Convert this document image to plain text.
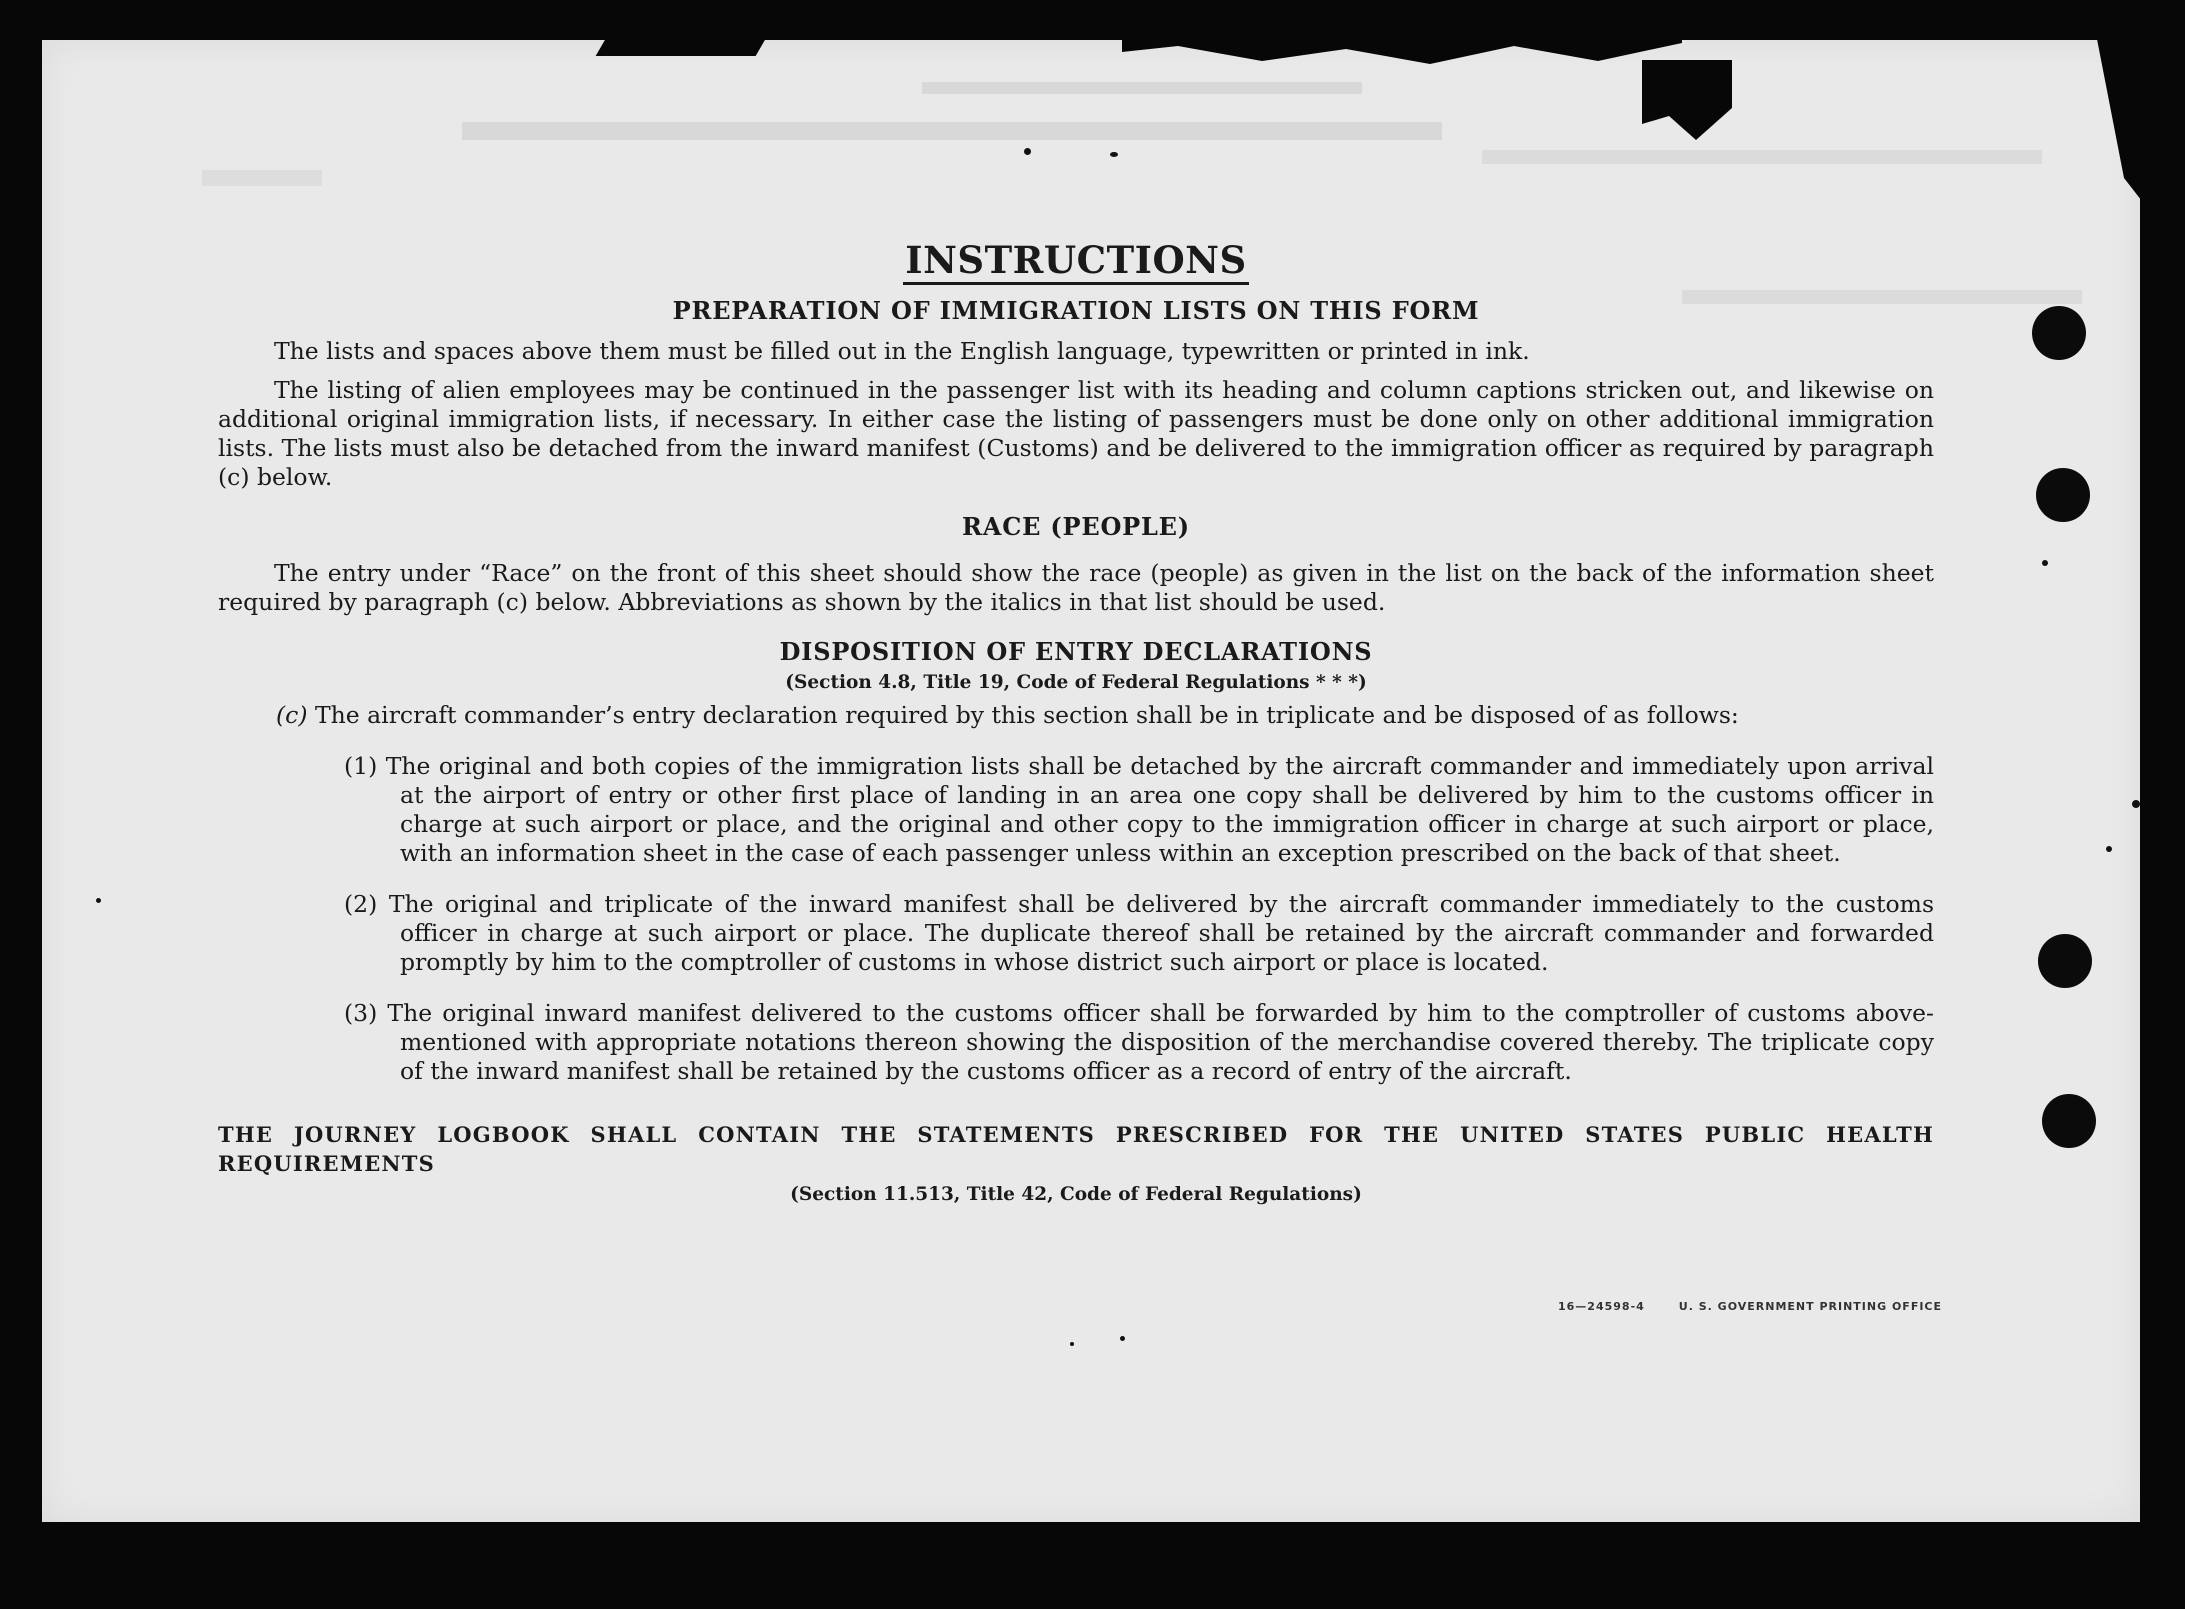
INSTRUCTIONS
PREPARATION OF IMMIGRATION LISTS ON THIS FORM

The lists and spaces above them must be filled out in the English language, typewritten or printed in ink.

The listing of alien employees may be continued in the passenger list with its heading and column captions stricken out, and likewise on additional original immigration lists, if necessary. In either case the listing of passengers must be done only on other additional immigration lists. The lists must also be detached from the inward manifest (Customs) and be delivered to the immigration officer as required by paragraph (c) below.

RACE (PEOPLE)

The entry under “Race” on the front of this sheet should show the race (people) as given in the list on the back of the information sheet required by paragraph (c) below. Abbreviations as shown by the italics in that list should be used.

DISPOSITION OF ENTRY DECLARATIONS
(Section 4.8, Title 19, Code of Federal Regulations * * *)

(c) The aircraft commander’s entry declaration required by this section shall be in triplicate and be disposed of as follows:

(1) The original and both copies of the immigration lists shall be detached by the aircraft commander and immediately upon arrival at the airport of entry or other first place of landing in an area one copy shall be delivered by him to the customs officer in charge at such airport or place, and the original and other copy to the immigration officer in charge at such airport or place, with an information sheet in the case of each passenger unless within an exception prescribed on the back of that sheet.

(2) The original and triplicate of the inward manifest shall be delivered by the aircraft commander immediately to the customs officer in charge at such airport or place. The duplicate thereof shall be retained by the aircraft commander and forwarded promptly by him to the comptroller of customs in whose district such airport or place is located.

(3) The original inward manifest delivered to the customs officer shall be forwarded by him to the comptroller of customs above-mentioned with appropriate notations thereon showing the disposition of the merchandise covered thereby. The triplicate copy of the inward manifest shall be retained by the customs officer as a record of entry of the aircraft.

THE JOURNEY LOGBOOK SHALL CONTAIN THE STATEMENTS PRESCRIBED FOR THE UNITED STATES PUBLIC HEALTH REQUIREMENTS

(Section 11.513, Title 42, Code of Federal Regulations)
16—24598-4	U. S. GOVERNMENT PRINTING OFFICE
